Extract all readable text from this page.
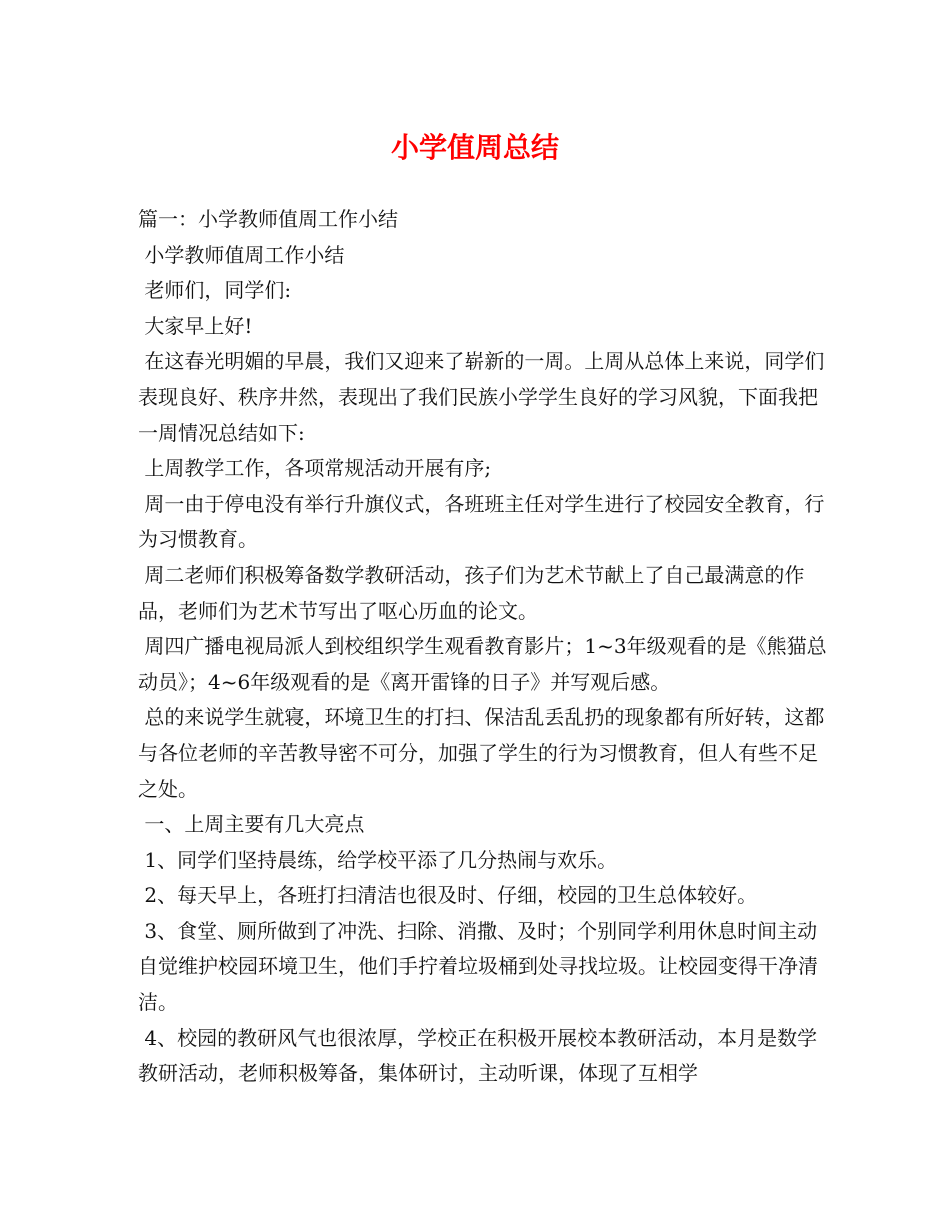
小学值周总结

篇一：小学教师值周工作小结

小学教师值周工作小结

老师们，同学们:

大家早上好!

在这春光明媚的早晨，我们又迎来了崭新的一周。上周从总体上来说，同学们表现良好、秩序井然，表现出了我们民族小学学生良好的学习风貌，下面我把一周情况总结如下:

上周教学工作，各项常规活动开展有序;

周一由于停电没有举行升旗仪式，各班班主任对学生进行了校园安全教育，行为习惯教育。

周二老师们积极筹备数学教研活动，孩子们为艺术节献上了自己最满意的作品，老师们为艺术节写出了呕心历血的论文。

周四广播电视局派人到校组织学生观看教育影片；1~3年级观看的是《熊猫总动员》；4~6年级观看的是《离开雷锋的日子》并写观后感。

总的来说学生就寝，环境卫生的打扫、保洁乱丢乱扔的现象都有所好转，这都与各位老师的辛苦教导密不可分，加强了学生的行为习惯教育，但人有些不足之处。

一、上周主要有几大亮点

1、同学们坚持晨练，给学校平添了几分热闹与欢乐。

2、每天早上，各班打扫清洁也很及时、仔细，校园的卫生总体较好。

3、食堂、厕所做到了冲洗、扫除、消撒、及时；个别同学利用休息时间主动自觉维护校园环境卫生，他们手拧着垃圾桶到处寻找垃圾。让校园变得干净清洁。

4、校园的教研风气也很浓厚，学校正在积极开展校本教研活动，本月是数学教研活动，老师积极筹备，集体研讨，主动听课，体现了互相学
